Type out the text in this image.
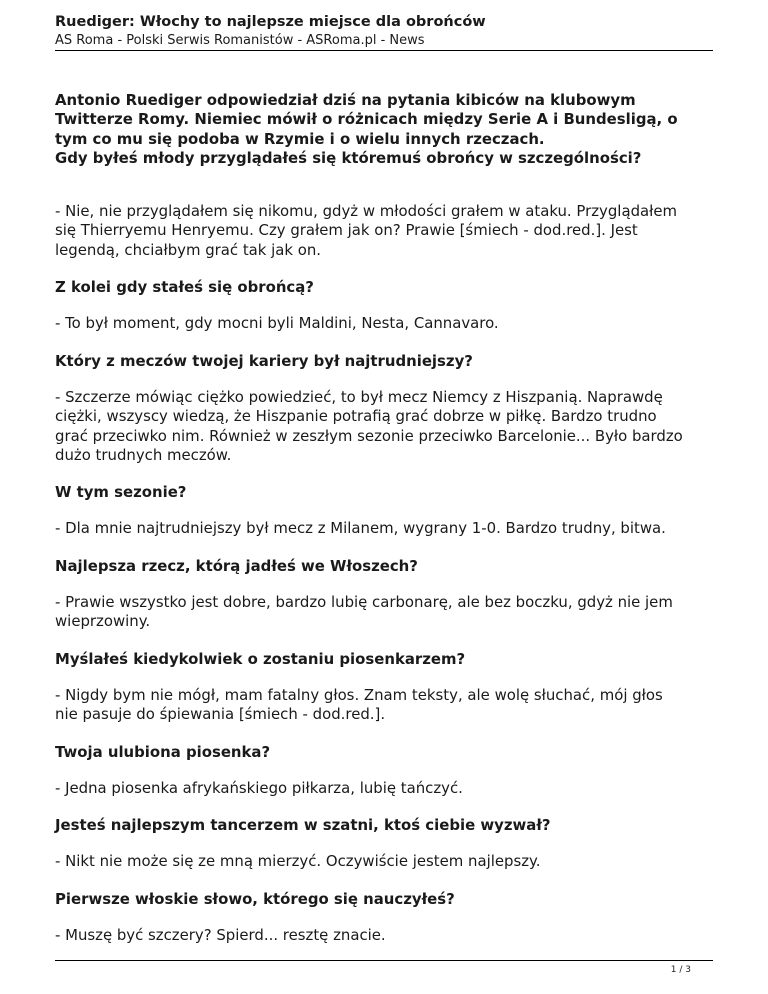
Ruediger: Włochy to najlepsze miejsce dla obrońców
AS Roma - Polski Serwis Romanistów - ASRoma.pl - News
Antonio Ruediger odpowiedział dziś na pytania kibiców na klubowym
Twitterze Romy. Niemiec mówił o różnicach między Serie A i Bundesligą, o
tym co mu się podoba w Rzymie i o wielu innych rzeczach.
Gdy byłeś młody przyglądałeś się któremuś obrońcy w szczególności?
- Nie, nie przyglądałem się nikomu, gdyż w młodości grałem w ataku. Przyglądałem
się Thierryemu Henryemu. Czy grałem jak on? Prawie [śmiech - dod.red.]. Jest
legendą, chciałbym grać tak jak on.
Z kolei gdy stałeś się obrońcą?
- To był moment, gdy mocni byli Maldini, Nesta, Cannavaro.
Który z meczów twojej kariery był najtrudniejszy?
- Szczerze mówiąc ciężko powiedzieć, to był mecz Niemcy z Hiszpanią. Naprawdę
ciężki, wszyscy wiedzą, że Hiszpanie potrafią grać dobrze w piłkę. Bardzo trudno
grać przeciwko nim. Również w zeszłym sezonie przeciwko Barcelonie... Było bardzo
dużo trudnych meczów.
W tym sezonie?
- Dla mnie najtrudniejszy był mecz z Milanem, wygrany 1-0. Bardzo trudny, bitwa.
Najlepsza rzecz, którą jadłeś we Włoszech?
- Prawie wszystko jest dobre, bardzo lubię carbonarę, ale bez boczku, gdyż nie jem
wieprzowiny.
Myślałeś kiedykolwiek o zostaniu piosenkarzem?
- Nigdy bym nie mógł, mam fatalny głos. Znam teksty, ale wolę słuchać, mój głos
nie pasuje do śpiewania [śmiech - dod.red.].
Twoja ulubiona piosenka?
- Jedna piosenka afrykańskiego piłkarza, lubię tańczyć.
Jesteś najlepszym tancerzem w szatni, ktoś ciebie wyzwał?
- Nikt nie może się ze mną mierzyć. Oczywiście jestem najlepszy.
Pierwsze włoskie słowo, którego się nauczyłeś?
- Muszę być szczery? Spierd... resztę znacie.
1 / 3
